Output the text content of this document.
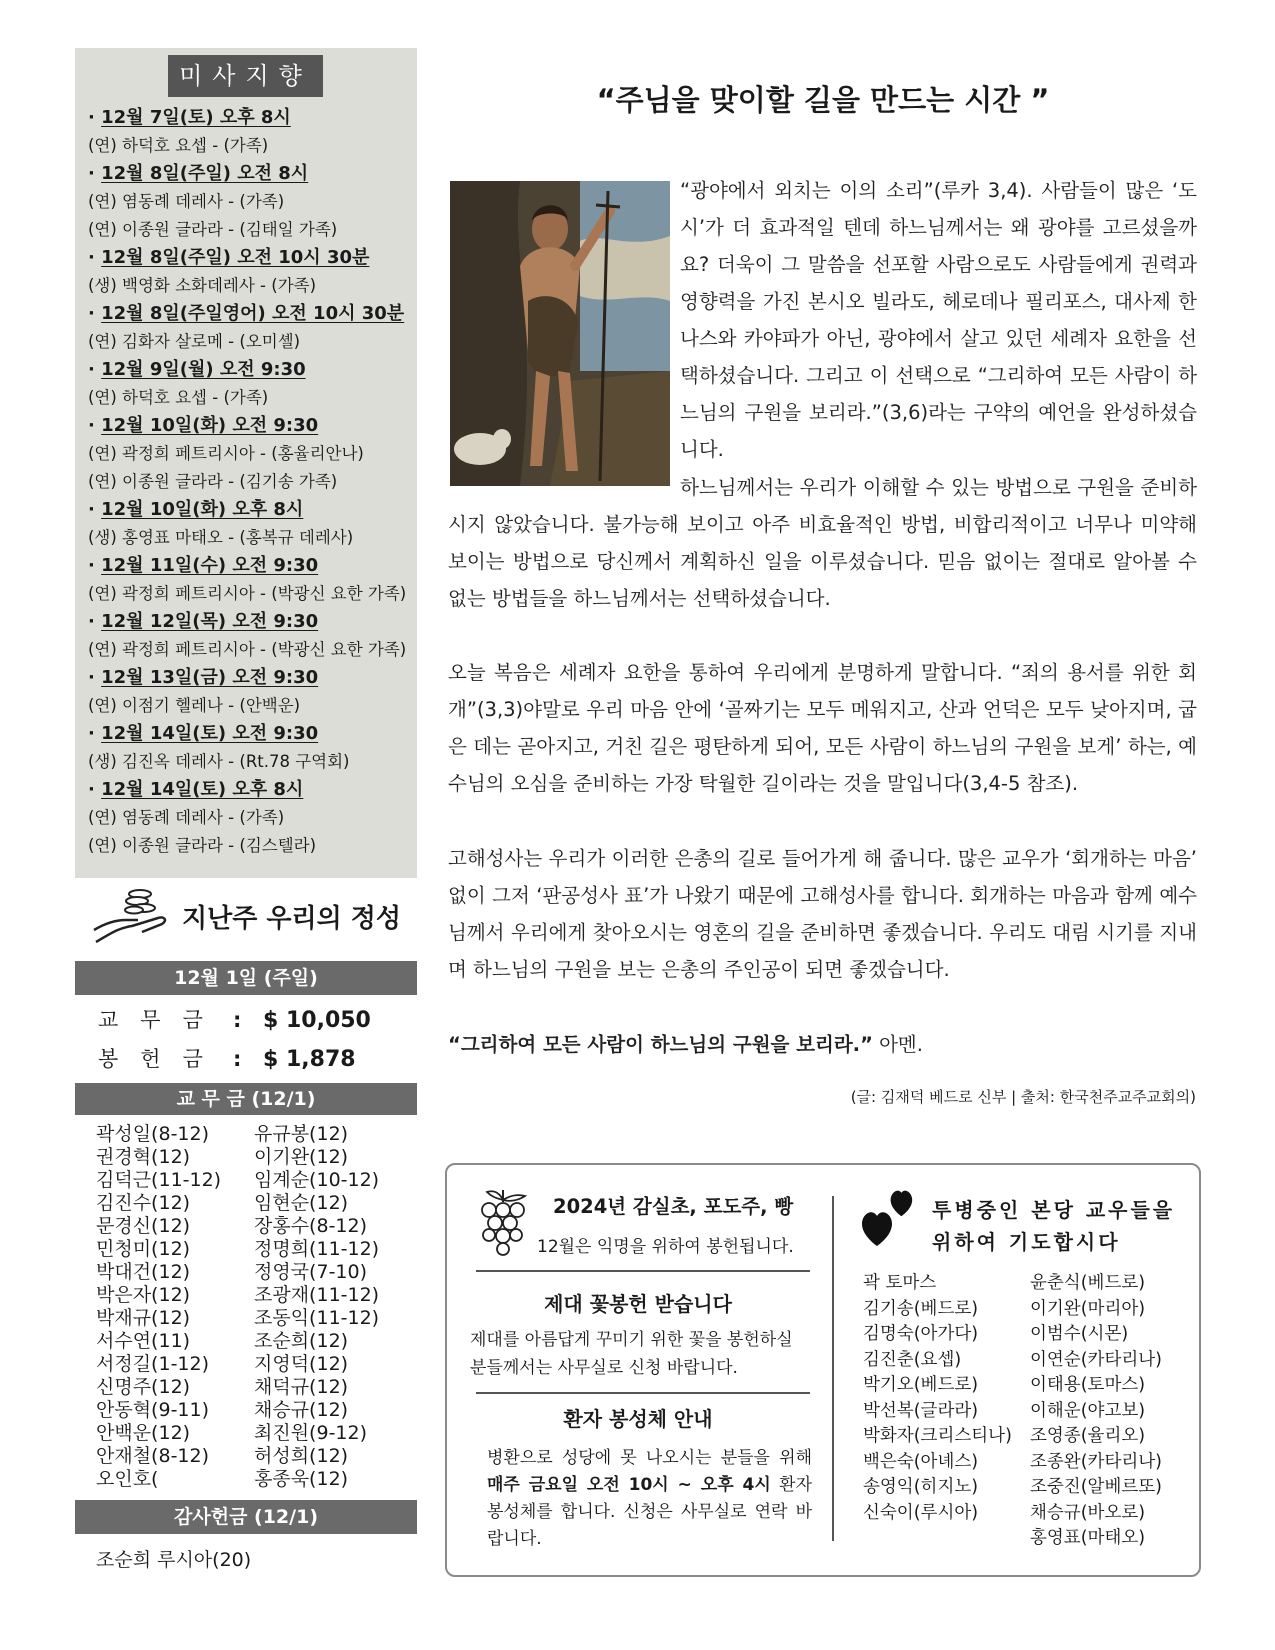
미사지향
· 12월 7일(토) 오후 8시
(연) 하덕호 요셉 - (가족)
· 12월 8일(주일) 오전 8시
(연) 염동례 데레사 - (가족)
(연) 이종원 글라라 - (김태일 가족)
· 12월 8일(주일) 오전 10시 30분
(생) 백영화 소화데레사 - (가족)
· 12월 8일(주일영어) 오전 10시 30분
(연) 김화자 살로메 - (오미셸)
· 12월 9일(월) 오전 9:30
(연) 하덕호 요셉 - (가족)
· 12월 10일(화) 오전 9:30
(연) 곽정희 페트리시아 - (홍율리안나)
(연) 이종원 글라라 - (김기송 가족)
· 12월 10일(화) 오후 8시
(생) 홍영표 마태오 - (홍복규 데레사)
· 12월 11일(수) 오전 9:30
(연) 곽정희 페트리시아 - (박광신 요한 가족)
· 12월 12일(목) 오전 9:30
(연) 곽정희 페트리시아 - (박광신 요한 가족)
· 12월 13일(금) 오전 9:30
(연) 이점기 헬레나 - (안백운)
· 12월 14일(토) 오전 9:30
(생) 김진옥 데레사 - (Rt.78 구역회)
· 12월 14일(토) 오후 8시
(연) 염동례 데레사 - (가족)
(연) 이종원 글라라 - (김스텔라)
지난주 우리의 정성
12월 1일 (주일)
교무금 : $ 10,050
봉헌금 : $ 1,878
교 무 금 (12/1)
곽성일(8-12)
권경혁(12)
김덕근(11-12)
김진수(12)
문경신(12)
민청미(12)
박대건(12)
박은자(12)
박재규(12)
서수연(11)
서정길(1-12)
신명주(12)
안동혁(9-11)
안백운(12)
안재철(8-12)
오인호(
유규봉(12)
이기완(12)
임계순(10-12)
임현순(12)
장홍수(8-12)
정명희(11-12)
정영국(7-10)
조광재(11-12)
조동익(11-12)
조순희(12)
지영덕(12)
채덕규(12)
채승규(12)
최진원(9-12)
허성희(12)
홍종욱(12)
감사헌금 (12/1)
조순희 루시아(20)
“주님을 맞이할 길을 만드는 시간 ”
“광야에서 외치는 이의 소리”(루카 3,4). 사람들이 많은 ‘도시’가 더 효과적일 텐데 하느님께서는 왜 광야를 고르셨을까요? 더욱이 그 말씀을 선포할 사람으로도 사람들에게 권력과 영향력을 가진 본시오 빌라도, 헤로데나 필리포스, 대사제 한나스와 카야파가 아닌, 광야에서 살고 있던 세례자 요한을 선택하셨습니다. 그리고 이 선택으로 “그리하여 모든 사람이 하느님의 구원을 보리라.”(3,6)라는 구약의 예언을 완성하셨습니다.
하느님께서는 우리가 이해할 수 있는 방법으로 구원을 준비하시지 않았습니다. 불가능해 보이고 아주 비효율적인 방법, 비합리적이고 너무나 미약해 보이는 방법으로 당신께서 계획하신 일을 이루셨습니다. 믿음 없이는 절대로 알아볼 수 없는 방법들을 하느님께서는 선택하셨습니다.
오늘 복음은 세례자 요한을 통하여 우리에게 분명하게 말합니다. “죄의 용서를 위한 회개”(3,3)야말로 우리 마음 안에 ‘골짜기는 모두 메워지고, 산과 언덕은 모두 낮아지며, 굽은 데는 곧아지고, 거친 길은 평탄하게 되어, 모든 사람이 하느님의 구원을 보게’ 하는, 예수님의 오심을 준비하는 가장 탁월한 길이라는 것을 말입니다(3,4-5 참조).
고해성사는 우리가 이러한 은총의 길로 들어가게 해 줍니다. 많은 교우가 ‘회개하는 마음’ 없이 그저 ‘판공성사 표’가 나왔기 때문에 고해성사를 합니다. 회개하는 마음과 함께 예수님께서 우리에게 찾아오시는 영혼의 길을 준비하면 좋겠습니다. 우리도 대림 시기를 지내며 하느님의 구원을 보는 은총의 주인공이 되면 좋겠습니다.
“그리하여 모든 사람이 하느님의 구원을 보리라.” 아멘.
(글: 김재덕 베드로 신부 | 출처: 한국천주교주교회의)
2024년 감실초, 포도주, 빵
12월은 익명을 위하여 봉헌됩니다.
제대 꽃봉헌 받습니다
제대를 아름답게 꾸미기 위한 꽃을 봉헌하실 분들께서는 사무실로 신청 바랍니다.
환자 봉성체 안내
병환으로 성당에 못 나오시는 분들을 위해 매주 금요일 오전 10시 ~ 오후 4시 환자 봉성체를 합니다. 신청은 사무실로 연락 바랍니다.
투병중인 본당 교우들을 위하여 기도합시다
곽 토마스
김기송(베드로)
김명숙(아가다)
김진춘(요셉)
박기오(베드로)
박선복(글라라)
박화자(크리스티나)
백은숙(아녜스)
송영익(히지노)
신숙이(루시아)
윤춘식(베드로)
이기완(마리아)
이범수(시몬)
이연순(카타리나)
이태용(토마스)
이해운(야고보)
조영종(율리오)
조종완(카타리나)
조중진(알베르또)
채승규(바오로)
홍영표(마태오)
